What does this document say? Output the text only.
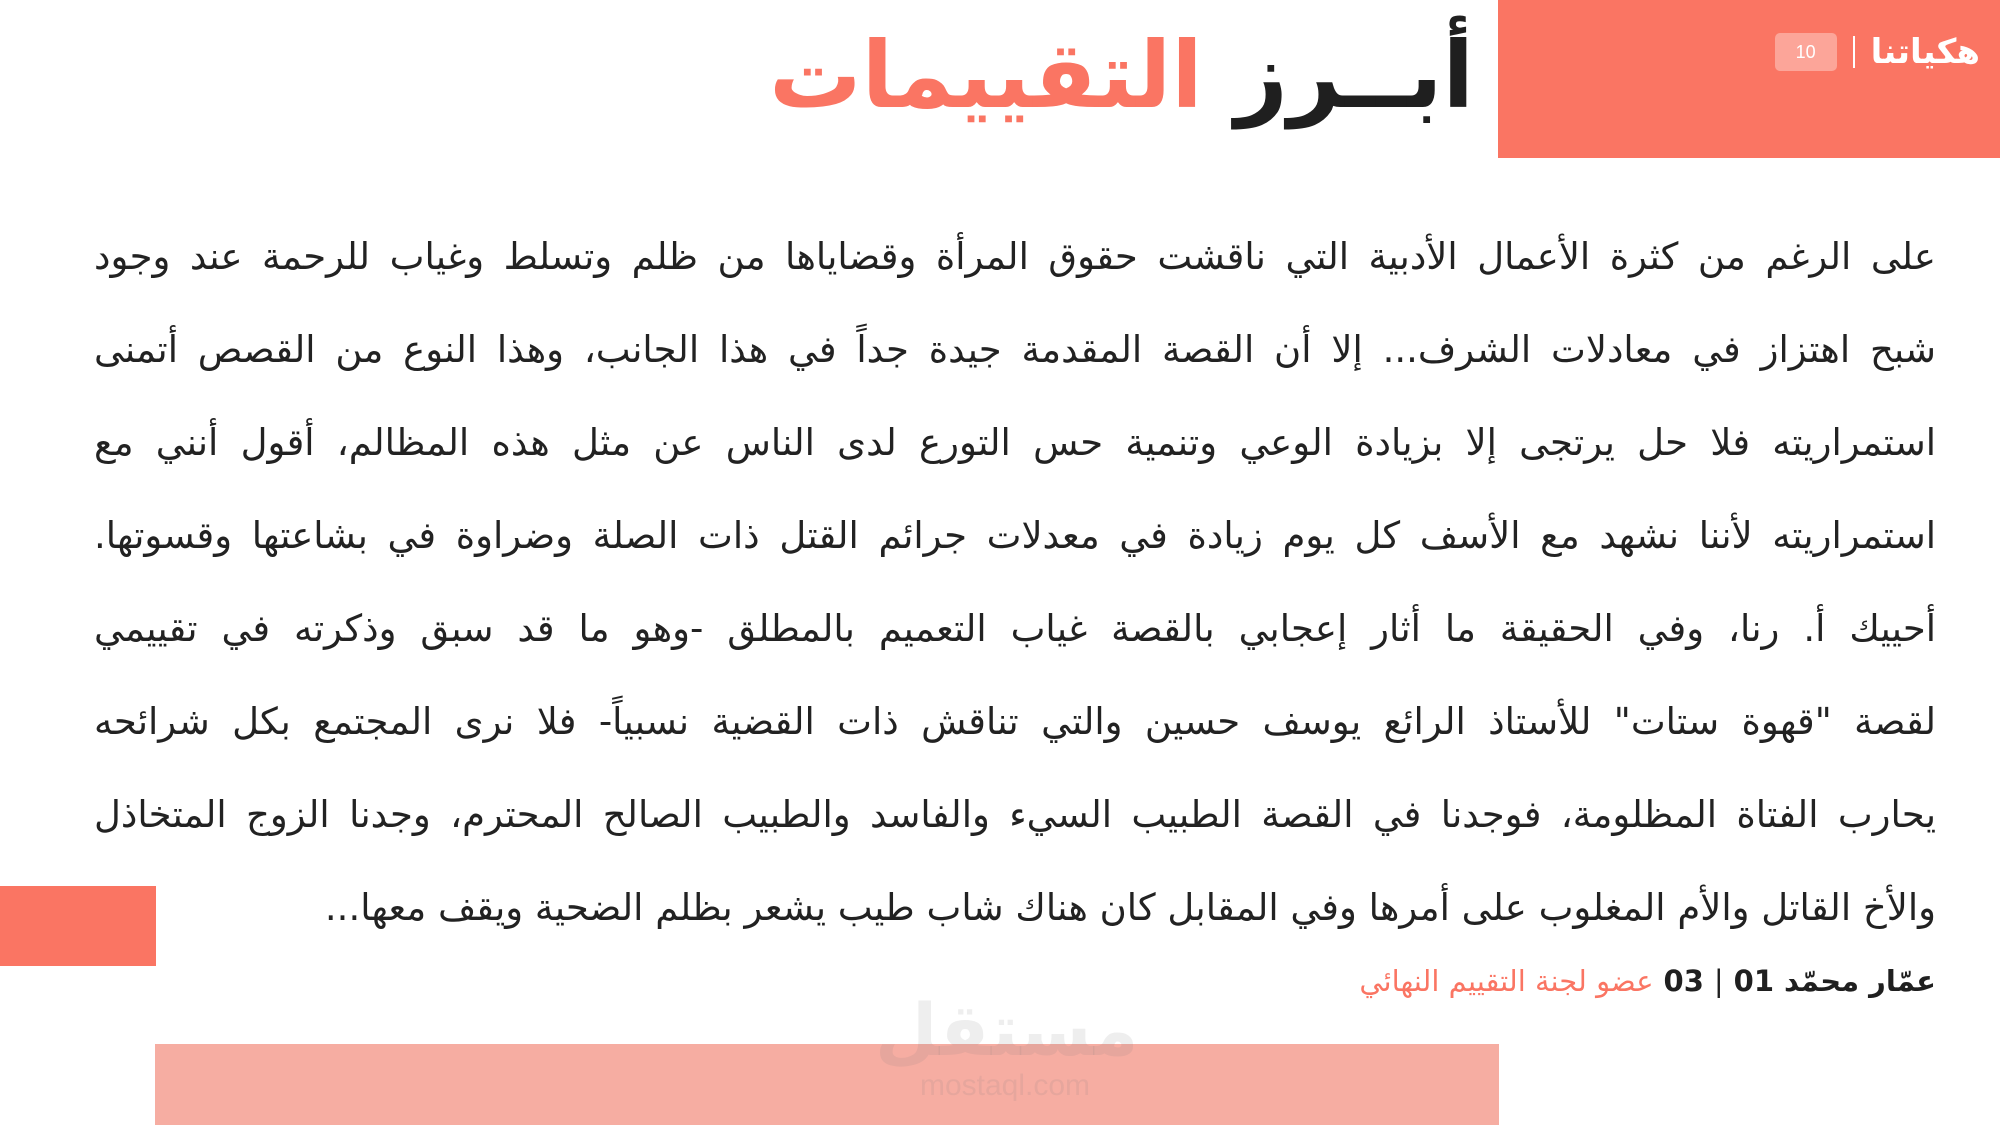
10	هكياتنا
أبــرز التقييمات
على الرغم من كثرة الأعمال الأدبية التي ناقشت حقوق المرأة وقضاياها من ظلم وتسلط وغياب للرحمة عند وجود
شبح اهتزاز في معادلات الشرف... إلا أن القصة المقدمة جيدة جداً في هذا الجانب، وهذا النوع من القصص أتمنى
استمراريته فلا حل يرتجى إلا بزيادة الوعي وتنمية حس التورع لدى الناس عن مثل هذه المظالم، أقول أنني مع
استمراريته لأننا نشهد مع الأسف كل يوم زيادة في معدلات جرائم القتل ذات الصلة وضراوة في بشاعتها وقسوتها.
أحييك أ. رنا، وفي الحقيقة ما أثار إعجابي بالقصة غياب التعميم بالمطلق -وهو ما قد سبق وذكرته في تقييمي
لقصة "قهوة ستات" للأستاذ الرائع يوسف حسين والتي تناقش ذات القضية نسبياً- فلا نرى المجتمع بكل شرائحه
يحارب الفتاة المظلومة، فوجدنا في القصة الطبيب السيء والفاسد والطبيب الصالح المحترم، وجدنا الزوج المتخاذل
والأخ القاتل والأم المغلوب على أمرها وفي المقابل كان هناك شاب طيب يشعر بظلم الضحية ويقف معها...
عمّار محمّد
01
|
03
عضو لجنة التقييم النهائي
مستقل
